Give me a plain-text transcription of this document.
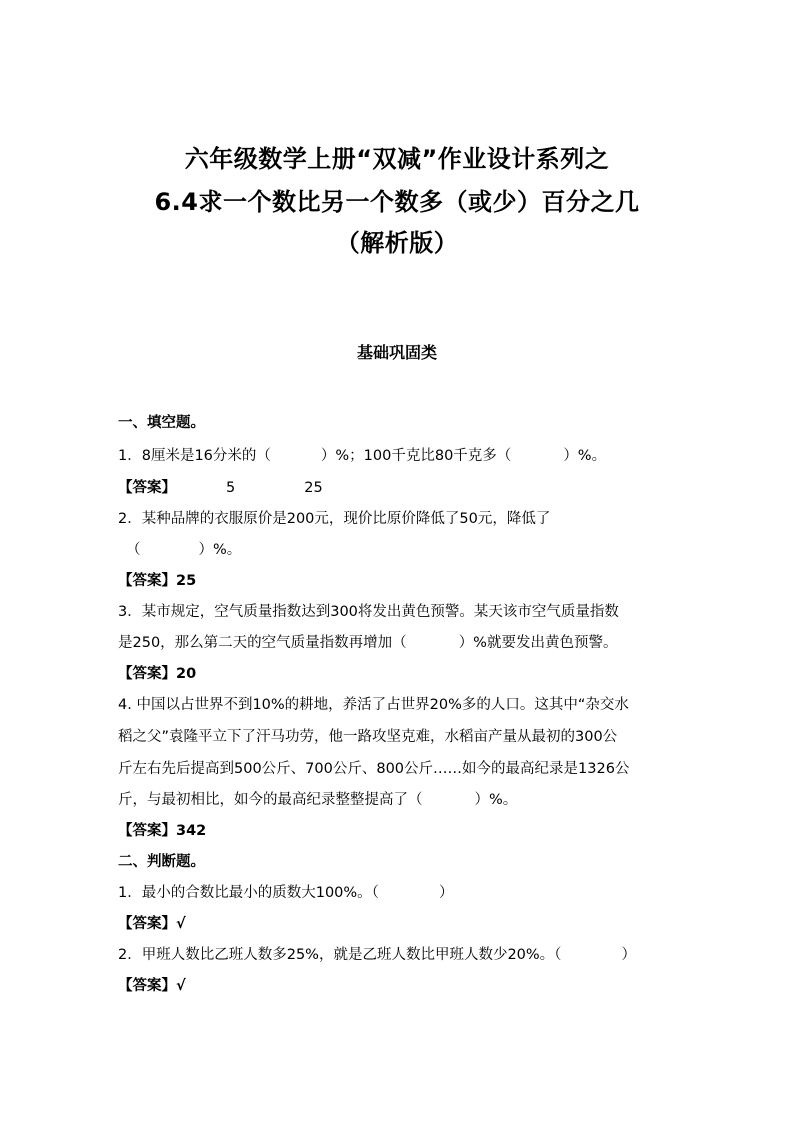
六年级数学上册“双减”作业设计系列之
6.4求一个数比另一个数多（或少）百分之几
（解析版）
基础巩固类
一、填空题。
1．8厘米是16分米的（	）%；100千克比80千克多（	）%。
【答案】	5	25
2．某种品牌的衣服原价是200元，现价比原价降低了50元，降低了
（	）%。
【答案】25
3．某市规定，空气质量指数达到300将发出黄色预警。某天该市空气质量指数
是250，那么第二天的空气质量指数再增加（	）%就要发出黄色预警。
【答案】20
4. 中国以占世界不到10%的耕地，养活了占世界20%多的人口。这其中“杂交水
稻之父”袁隆平立下了汗马功劳，他一路攻坚克难，水稻亩产量从最初的300公
斤左右先后提高到500公斤、700公斤、800公斤……如今的最高纪录是1326公
斤，与最初相比，如今的最高纪录整整提高了（	）%。
【答案】342
二、判断题。
1．最小的合数比最小的质数大100%。（	）
【答案】√
2．甲班人数比乙班人数多25%，就是乙班人数比甲班人数少20%。（	）
【答案】√
